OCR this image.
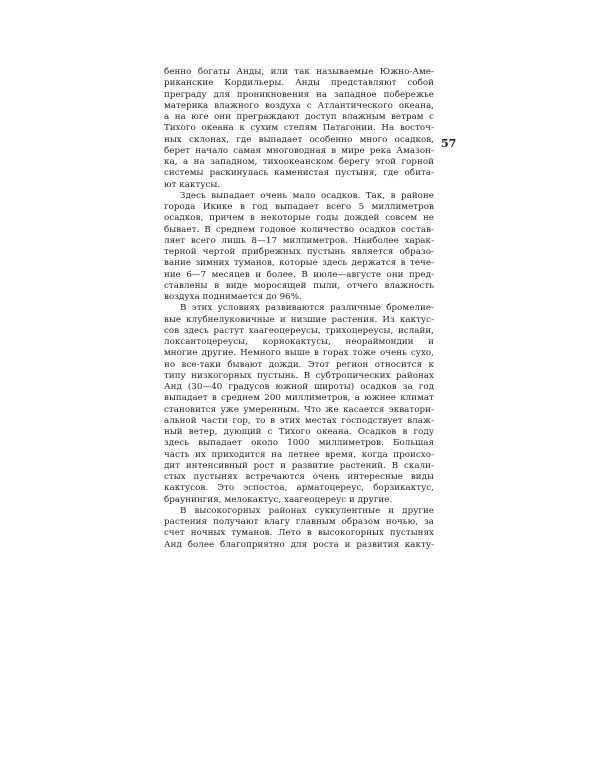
бенно богаты Анды, или так называемые Южно-Аме-
риканские Кордильеры. Анды представляют собой
преграду для проникновения на западное побережье
материка влажного воздуха с Атлантического океана,
а на юге они преграждают доступ влажным ветрам с
Тихого океана к сухим степям Патагонии. На восточ-
ных склонах, где выпадает особенно много осадков,
берет начало самая многоводная в мире река Амазон-
ка, а на западном, тихоокеанском берегу этой горной
системы раскинулась каменистая пустыня, где обита-
ют кактусы.
Здесь выпадает очень мало осадков. Так, в районе
города Икике в год выпадает всего 5 миллиметров
осадков, причем в некоторые годы дождей совсем не
бывает. В среднем годовое количество осадков состав-
ляет всего лишь 8—17 миллиметров. Наиболее харак-
терной чертой прибрежных пустынь является образо-
вание зимних туманов, которые здесь держатся в тече-
ние 6—7 месяцев и более. В июле—августе они пред-
ставлены в виде моросящей пыли, отчего влажность
воздуха поднимается до 96%.
В этих условиях развиваются различные бромелие-
вые клубнелуковичные и низшие растения. Из кактус-
сов здесь растут хаагеоцереусы, трихоцереусы, ислайи,
локсантоцереусы, корнокактусы, неораймондии и
многие другие. Немного выше в горах тоже очень сухо,
но все-таки бывают дожди. Этот регион относится к
типу низкогорных пустынь. В субтропических районах
Анд (30—40 градусов южной широты) осадков за год
выпадает в среднем 200 миллиметров, а южнее климат
становится уже умеренным. Что же касается экватори-
альной части гор, то в этих местах господствует влаж-
ный ветер, дующий с Тихого океана. Осадков в году
здесь выпадает около 1000 миллиметров. Большая
часть их приходится на летнее время, когда происхо-
дит интенсивный рост и развитие растений. В скали-
стых пустынях встречаются очень интересные виды
кактусов. Это эспостоа, арматоцереус, борзикактус,
браунингия, мелокактус, хаагеоцереус и другие.
В высокогорных районах суккулентные и другие
растения получают влагу главным образом ночью, за
счет ночных туманов. Лето в высокогорных пустынях
Анд более благоприятно для роста и развития какту-
57
